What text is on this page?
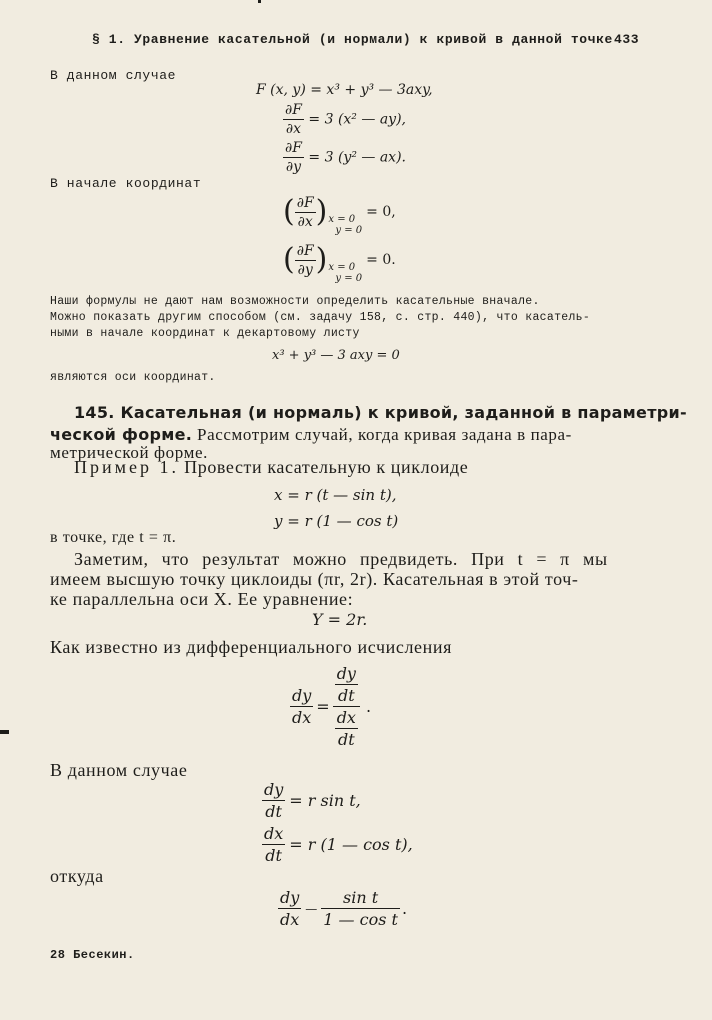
§ 1. Уравнение касательной (и нормали) к кривой в данной точке 433
В данном случае
F (x, y) = x³ + y³ — 3axy,
$\frac{\partial F}{\partial x} = 3$ (x² — ay),
$\frac{\partial F}{\partial y} = 3$ (y² — ax).
В начале координат
( $\frac{\partial F}{\partial x}$ ) x = 0
y = 0
= 0,
( $\frac{\partial F}{\partial y}$ ) x = 0
y = 0
= 0.
Наши формулы не дают нам возможности определить касательные вначале.
Можно показать другим способом (см. задачу 158, с. стр. 440), что касатель-
ными в начале координат к декартовому листу
x³ + y³ — 3 axy = 0
являются оси координат.
145. Касательная (и нормаль) к кривой, заданной в параметри-
ческой форме. Рассмотрим случай, когда кривая задана в пара-
метрической форме.
Пример 1. Провести касательную к циклоиде
x = r (t — sin t),
y = r (1 — cos t)
в точке, где t = π.
Заметим, что результат можно предвидеть. При t = π мы
имеем высшую точку циклоиды (πr, 2r). Касательная в этой точ-
ке параллельна оси X. Ее уравнение:
Y = 2r.
Как известно из дифференциального исчисления
$\frac{dy}{dx} = \frac{\frac{dy}{dt}}{\frac{dx}{dt}}$ .
В данном случае
$\frac{dy}{dt} = r$ sin t,
$\frac{dx}{dt} = r$ (1 — cos t),
откуда
$\frac{dy}{dx}$ — $\frac{\text{sin t}}{\text{1 — cos t}}$ .
28 Бесекин.
